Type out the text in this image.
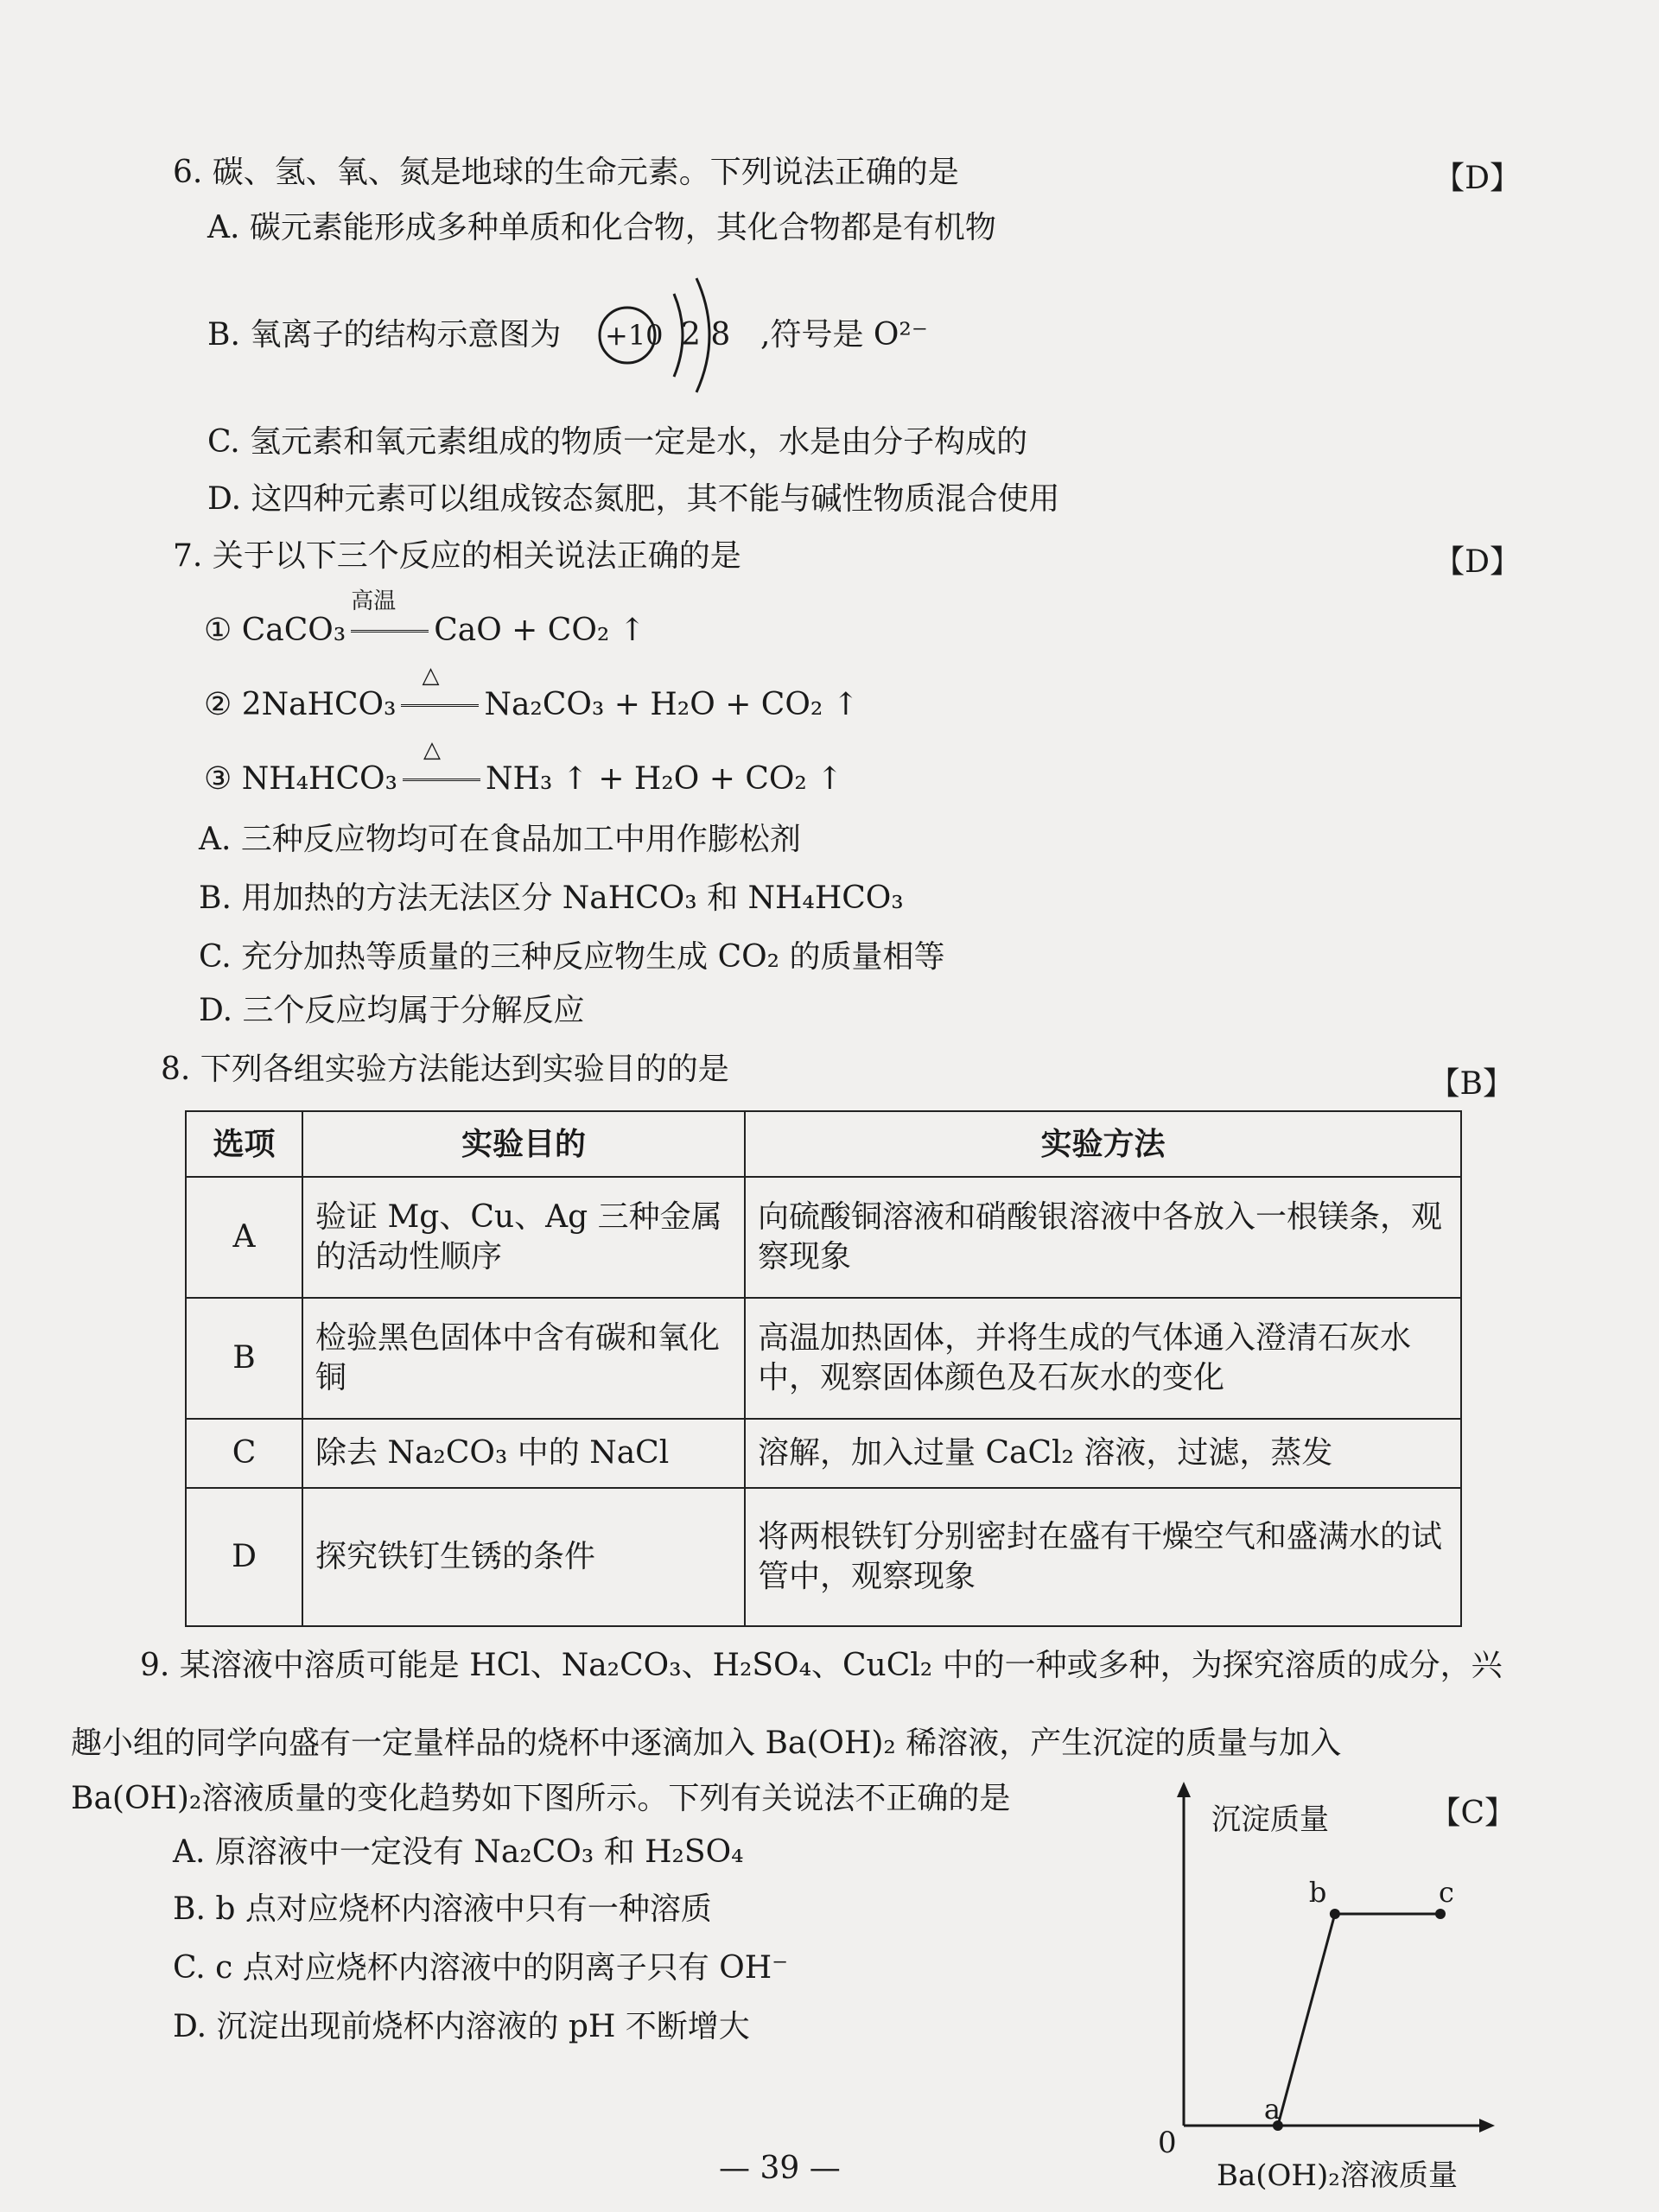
6. 碳、氢、氧、氮是地球的生命元素。下列说法正确的是	【D】
A. 碳元素能形成多种单质和化合物，其化合物都是有机物
B. 氧离子的结构示意图为 +10 2 8 ,符号是 O²⁻
C. 氢元素和氧元素组成的物质一定是水，水是由分子构成的
D. 这四种元素可以组成铵态氮肥，其不能与碱性物质混合使用
7. 关于以下三个反应的相关说法正确的是	【D】
① CaCO₃
高温
CaO + CO₂ ↑
② 2NaHCO₃
△
Na₂CO₃ + H₂O + CO₂ ↑
③ NH₄HCO₃
△
NH₃ ↑ + H₂O + CO₂ ↑
A. 三种反应物均可在食品加工中用作膨松剂
B. 用加热的方法无法区分 NaHCO₃ 和 NH₄HCO₃
C. 充分加热等质量的三种反应物生成 CO₂ 的质量相等
D. 三个反应均属于分解反应
8. 下列各组实验方法能达到实验目的的是	【B】
选项	实验目的	实验方法
A	验证 Mg、Cu、Ag 三种金属的活动性顺序	向硫酸铜溶液和硝酸银溶液中各放入一根镁条，观察现象
B	检验黑色固体中含有碳和氧化铜	高温加热固体，并将生成的气体通入澄清石灰水中，观察固体颜色及石灰水的变化
C	除去 Na₂CO₃ 中的 NaCl	溶解，加入过量 CaCl₂ 溶液，过滤，蒸发
D	探究铁钉生锈的条件	将两根铁钉分别密封在盛有干燥空气和盛满水的试管中，观察现象
9. 某溶液中溶质可能是 HCl、Na₂CO₃、H₂SO₄、CuCl₂ 中的一种或多种，为探究溶质的成分，兴
趣小组的同学向盛有一定量样品的烧杯中逐滴加入 Ba(OH)₂ 稀溶液，产生沉淀的质量与加入
Ba(OH)₂溶液质量的变化趋势如下图所示。下列有关说法不正确的是	【C】
A. 原溶液中一定没有 Na₂CO₃ 和 H₂SO₄
B. b 点对应烧杯内溶液中只有一种溶质
C. c 点对应烧杯内溶液中的阴离子只有 OH⁻
D. 沉淀出现前烧杯内溶液的 pH 不断增大
a
b	c
沉淀质量
Ba(OH)₂溶液质量
0
— 39 —
